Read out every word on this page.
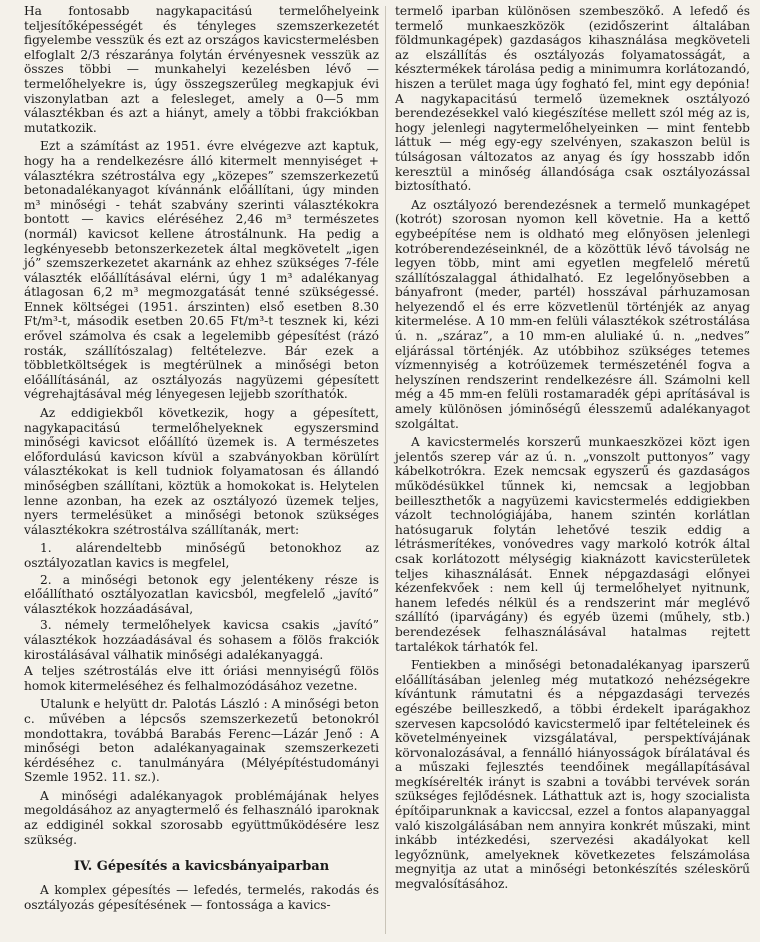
Ha fontosabb nagykapacitású termelőhelyeink teljesítőképességét és tényleges szemszerkezetét figyelembe vesszük és ezt az országos kavicstermelésben elfoglalt 2/3 részaránya folytán érvényesnek vesszük az összes többi — munkahelyi kezelésben lévő — termelőhelyekre is, úgy összegszerűleg megkapjuk évi viszonylatban azt a felesleget, amely a 0—5 mm választékban és azt a hiányt, amely a többi frakciókban mutatkozik.

Ezt a számítást az 1951. évre elvégezve azt kaptuk, hogy ha a rendelkezésre álló kitermelt mennyiséget + választékra szétrostálva egy „közepes” szemszerkezetű betonadalékanyagot kívánnánk előállítani, úgy minden m³ minőségi - tehát szabvány szerinti választékokra bontott — kavics eléréséhez 2,46 m³ természetes (normál) kavicsot kellene átrostálnunk. Ha pedig a legkényesebb betonszerkezetek által megkövetelt „igen jó” szemszerkezetet akarnánk az ehhez szükséges 7-féle választék előállításával elérni, úgy 1 m³ adalékanyag átlagosan 6,2 m³ megmozgatását tenné szükségessé. Ennek költségei (1951. árszinten) első esetben 8.30 Ft/m³-t, második esetben 20.65 Ft/m³-t tesznek ki, kézi erővel számolva és csak a legelemibb gépesítést (rázó rosták, szállítószalag) feltételezve. Bár ezek a többletköltségek is megtérülnek a minőségi beton előállításánál, az osztályozás nagyüzemi gépesített végrehajtásával még lényegesen lejjebb szoríthatók.

Az eddigiekből következik, hogy a gépesített, nagykapacitású termelőhelyeknek egyszersmind minőségi kavicsot előállító üzemek is. A természetes előfordulású kavicson kívül a szabványokban körülírt választékokat is kell tudniok folyamatosan és állandó minőségben szállítani, köztük a homokokat is. Helytelen lenne azonban, ha ezek az osztályozó üzemek teljes, nyers termelésüket a minőségi betonok szükséges választékokra szétrostálva szállítanák, mert:

1. alárendeltebb minőségű betonokhoz az osztályozatlan kavics is megfelel,

2. a minőségi betonok egy jelentékeny része is előállítható osztályozatlan kavicsból, megfelelő „javító” választékok hozzáadásával,

3. némely termelőhelyek kavicsa csakis „javító” választékok hozzáadásával és sohasem a fölös frakciók kirostálásával válhatik minőségi adalékanyaggá.

A teljes szétrostálás elve itt óriási mennyiségű fölös homok kitermeléséhez és felhalmozódásához vezetne.

Utalunk e helyütt dr. Palotás László : A minőségi beton c. művében a lépcsős szemszerkezetű betonokról mondottakra, továbbá Barabás Ferenc—Lázár Jenő : A minőségi beton adalékanyagainak szemszerkezeti kérdéséhez c. tanulmányára (Mélyépítéstudományi Szemle 1952. 11. sz.).

A minőségi adalékanyagok problémájának helyes megoldásához az anyagtermelő és felhasználó iparoknak az eddiginél sokkal szorosabb együttműködésére lesz szükség.

IV. Gépesítés a kavicsbányaiparban

A komplex gépesítés — lefedés, termelés, rakodás és osztályozás gépesítésének — fontossága a kavics-

termelő iparban különösen szembeszökő. A lefedő és termelő munkaeszközök (ezidőszerint általában földmunkagépek) gazdaságos kihasználása megköveteli az elszállítás és osztályozás folyamatosságát, a késztermékek tárolása pedig a minimumra korlátozandó, hiszen a terület maga úgy fogható fel, mint egy depónia! A nagykapacitású termelő üzemeknek osztályozó berendezésekkel való kiegészítése mellett szól még az is, hogy jelenlegi nagytermelőhelyeinken — mint fentebb láttuk — még egy-egy szelvényen, szakaszon belül is túlságosan változatos az anyag és így hosszabb időn keresztül a minőség állandósága csak osztályozással biztosítható.

Az osztályozó berendezésnek a termelő munkagépet (kotrót) szorosan nyomon kell követnie. Ha a kettő egybeépítése nem is oldható meg előnyösen jelenlegi kotróberendezéseinknél, de a közöttük lévő távolság ne legyen több, mint ami egyetlen megfelelő méretű szállítószalaggal áthidalható. Ez legelőnyösebben a bányafront (meder, partél) hosszával párhuzamosan helyezendő el és erre közvetlenül történjék az anyag kitermelése. A 10 mm-en felüli választékok szétrostálása ú. n. „száraz”, a 10 mm-en aluliaké ú. n. „nedves” eljárással történjék. Az utóbbihoz szükséges tetemes vízmennyiség a kotróüzemek természeténél fogva a helyszínen rendszerint rendelkezésre áll. Számolni kell még a 45 mm-en felüli rostamaradék gépi aprításával is amely különösen jóminőségű élesszemű adalékanyagot szolgáltat.

A kavicstermelés korszerű munkaeszközei közt igen jelentős szerep vár az ú. n. „vonszolt puttonyos” vagy kábelkotrókra. Ezek nemcsak egyszerű és gazdaságos működésükkel tűnnek ki, nemcsak a legjobban beilleszthetők a nagyüzemi kavicstermelés eddigiekben vázolt technológiájába, hanem szintén korlátlan hatósugaruk folytán lehetővé teszik eddig a létrásmerítékes, vonóvedres vagy markoló kotrók által csak korlátozott mélységig kiaknázott kavicsterületek teljes kihasználását. Ennek népgazdasági előnyei kézenfekvőek : nem kell új termelőhelyet nyitnunk, hanem lefedés nélkül és a rendszerint már meglévő szállító (iparvágány) és egyéb üzemi (műhely, stb.) berendezések felhasználásával hatalmas rejtett tartalékok tárhatók fel.

Fentiekben a minőségi betonadalékanyag iparszerű előállításában jelenleg még mutatkozó nehézségekre kívántunk rámutatni és a népgazdasági tervezés egészébe beilleszkedő, a többi érdekelt iparágakhoz szervesen kapcsolódó kavicstermelő ipar feltételeinek és követelményeinek vizsgálatával, perspektívájának körvonalozásával, a fennálló hiányosságok bírálatával és a műszaki fejlesztés teendőinek megállapításával megkísérelték irányt is szabni a további tervévek során szükséges fejlődésnek. Láthattuk azt is, hogy szocialista építőiparunknak a kaviccsal, ezzel a fontos alapanyaggal való kiszolgálásában nem annyira konkrét műszaki, mint inkább intézkedési, szervezési akadályokat kell legyőznünk, amelyeknek következetes felszámolása megnyitja az utat a minőségi betonkészítés széleskörű megvalósításához.
